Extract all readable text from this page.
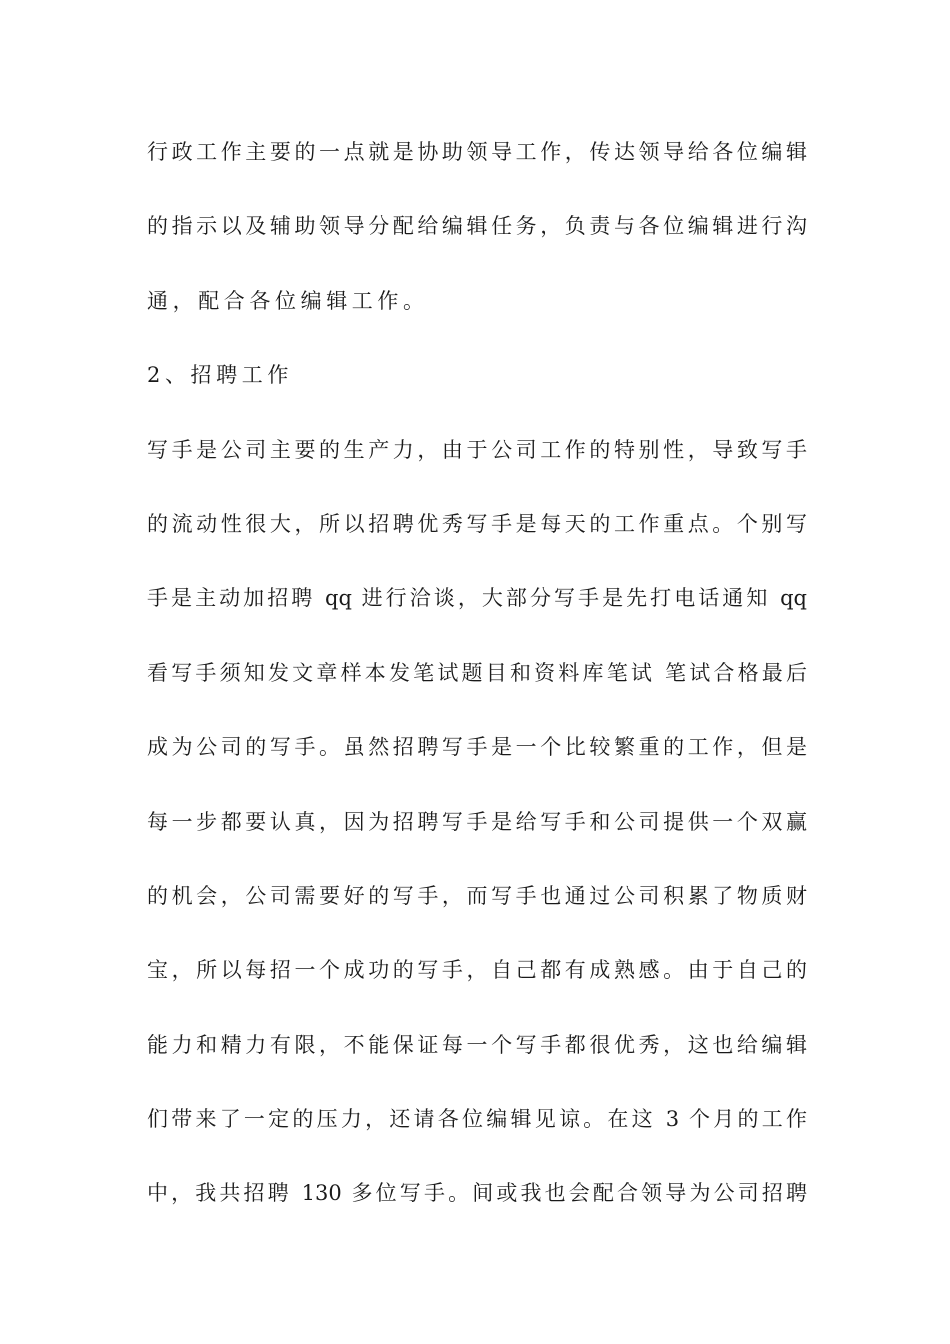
行政工作主要的一点就是协助领导工作，传达领导给各位编辑
的指示以及辅助领导分配给编辑任务，负责与各位编辑进行沟
通，配合各位编辑工作。
2、招聘工作
写手是公司主要的生产力，由于公司工作的特别性，导致写手
的流动性很大，所以招聘优秀写手是每天的工作重点。个别写
手是主动加招聘 qq 进行洽谈，大部分写手是先打电话通知 qq
看写手须知发文章样本发笔试题目和资料库笔试 笔试合格最后
成为公司的写手。虽然招聘写手是一个比较繁重的工作，但是
每一步都要认真，因为招聘写手是给写手和公司提供一个双赢
的机会，公司需要好的写手，而写手也通过公司积累了物质财
宝，所以每招一个成功的写手，自己都有成熟感。由于自己的
能力和精力有限，不能保证每一个写手都很优秀，这也给编辑
们带来了一定的压力，还请各位编辑见谅。在这 3 个月的工作
中，我共招聘 130 多位写手。间或我也会配合领导为公司招聘
